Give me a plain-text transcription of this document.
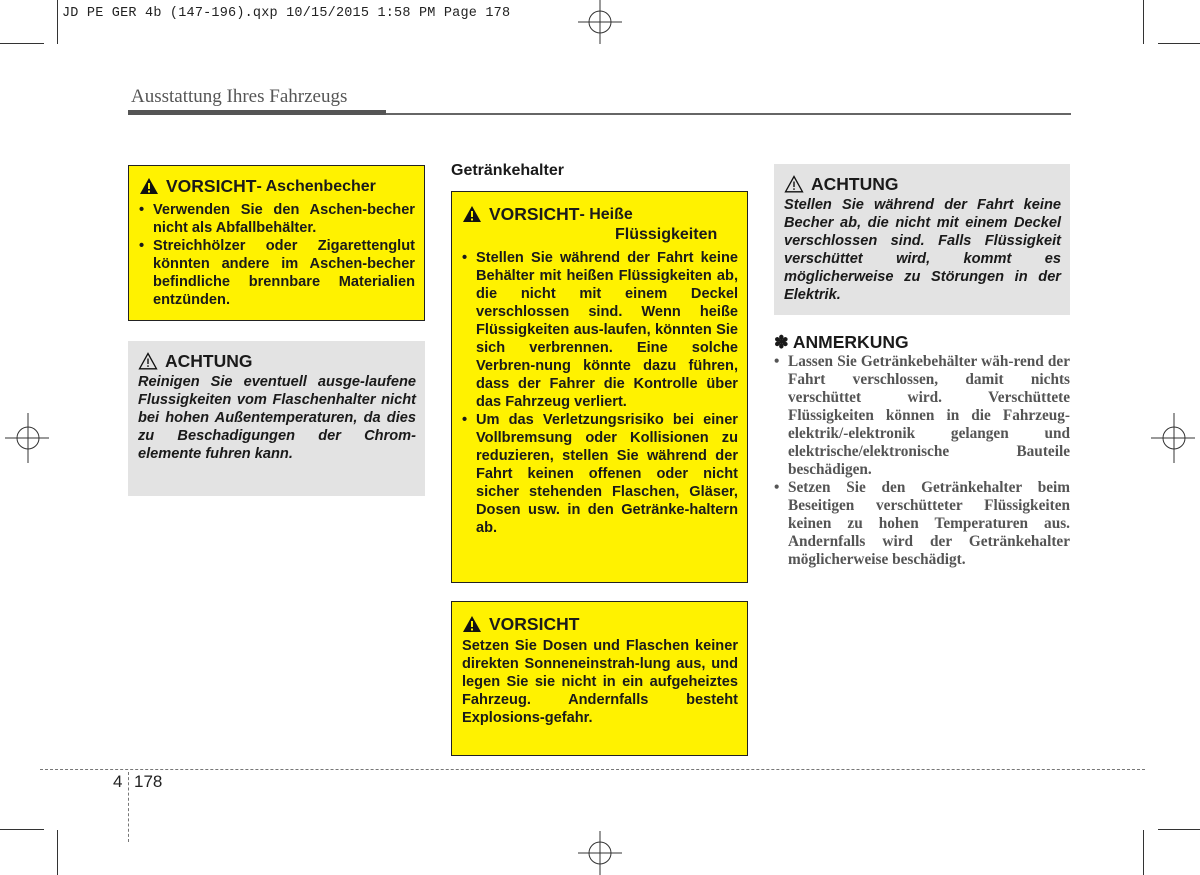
JD PE GER 4b (147-196).qxp 10/15/2015 1:58 PM Page 178
Ausstattung Ihres Fahrzeugs
VORSICHT - Aschenbecher
• Verwenden Sie den Aschen-becher nicht als Abfallbehälter.
• Streichhölzer oder Zigarettenglut könnten andere im Aschen-becher befindliche brennbare Materialien entzünden.
ACHTUNG

Reinigen Sie eventuell ausge-laufene Flussigkeiten vom Flaschenhalter nicht bei hohen Außentemperaturen, da dies zu Beschadigungen der Chrom-elemente fuhren kann.

Getränkehalter
VORSICHT - Heiße
Flüssigkeiten
• Stellen Sie während der Fahrt keine Behälter mit heißen Flüssigkeiten ab, die nicht mit einem Deckel verschlossen sind. Wenn heiße Flüssigkeiten aus-laufen, könnten Sie sich verbrennen. Eine solche Verbren-nung könnte dazu führen, dass der Fahrer die Kontrolle über das Fahrzeug verliert.
• Um das Verletzungsrisiko bei einer Vollbremsung oder Kollisionen zu reduzieren, stellen Sie während der Fahrt keinen offenen oder nicht sicher stehenden Flaschen, Gläser, Dosen usw. in den Getränke-haltern ab.
VORSICHT

Setzen Sie Dosen und Flaschen keiner direkten Sonneneinstrah-lung aus, und legen Sie sie nicht in ein aufgeheiztes Fahrzeug. Andernfalls besteht Explosions-gefahr.

ACHTUNG

Stellen Sie während der Fahrt keine Becher ab, die nicht mit einem Deckel verschlossen sind. Falls Flüssigkeit verschüttet wird, kommt es möglicherweise zu Störungen in der Elektrik.

✽ ANMERKUNG
• Lassen Sie Getränkebehälter wäh-rend der Fahrt verschlossen, damit nichts verschüttet wird. Verschüttete Flüssigkeiten können in die Fahrzeug-elektrik/-elektronik gelangen und elektrische/elektronische Bauteile beschädigen.
• Setzen Sie den Getränkehalter beim Beseitigen verschütteter Flüssigkeiten keinen zu hohen Temperaturen aus. Andernfalls wird der Getränkehalter möglicherweise beschädigt.
4 178
